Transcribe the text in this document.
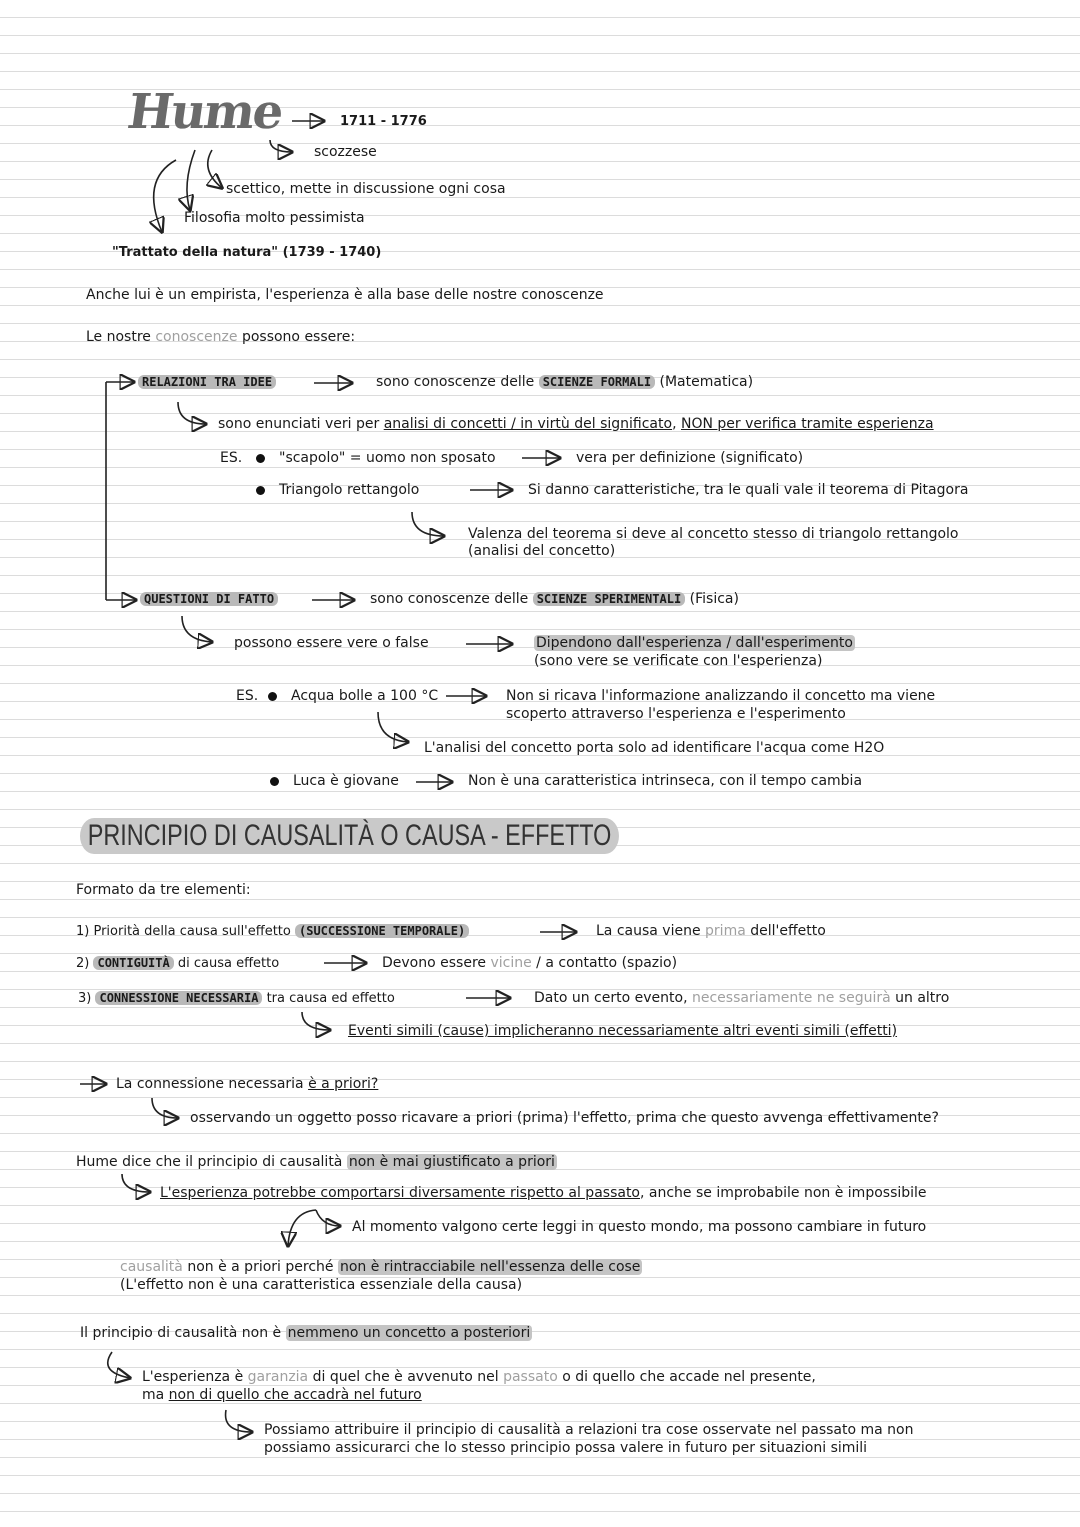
Hume	1711 - 1776
scozzese
scettico, mette in discussione ogni cosa
Filosofia molto pessimista
"Trattato della natura" (1739 - 1740)
Anche lui è un empirista, l'esperienza è alla base delle nostre conoscenze
Le nostre conoscenze possono essere:
RELAZIONI TRA IDEE	sono conoscenze delle SCIENZE FORMALI (Matematica)
sono enunciati veri per analisi di concetti / in virtù del significato, NON per verifica tramite esperienza
ES.	"scapolo" = uomo non sposato	vera per definizione (significato)
Triangolo rettangolo	Si danno caratteristiche, tra le quali vale il teorema di Pitagora
Valenza del teorema si deve al concetto stesso di triangolo rettangolo
(analisi del concetto)
QUESTIONI DI FATTO	sono conoscenze delle SCIENZE SPERIMENTALI (Fisica)
possono essere vere o false	Dipendono dall'esperienza / dall'esperimento
(sono vere se verificate con l'esperienza)
ES.	Acqua bolle a 100 °C	Non si ricava l'informazione analizzando il concetto ma viene
scoperto attraverso l'esperienza e l'esperimento
L'analisi del concetto porta solo ad identificare l'acqua come H2O
Luca è giovane	Non è una caratteristica intrinseca, con il tempo cambia
PRINCIPIO DI CAUSALITÀ O CAUSA - EFFETTO
Formato da tre elementi:
1) Priorità della causa sull'effetto (SUCCESSIONE TEMPORALE)	La causa viene prima dell'effetto
2) CONTIGUITÀ di causa effetto	Devono essere vicine / a contatto (spazio)
3) CONNESSIONE NECESSARIA tra causa ed effetto	Dato un certo evento, necessariamente ne seguirà un altro
Eventi simili (cause) implicheranno necessariamente altri eventi simili (effetti)
La connessione necessaria è a priori?
osservando un oggetto posso ricavare a priori (prima) l'effetto, prima che questo avvenga effettivamente?
Hume dice che il principio di causalità non è mai giustificato a priori
L'esperienza potrebbe comportarsi diversamente rispetto al passato, anche se improbabile non è impossibile
Al momento valgono certe leggi in questo mondo, ma possono cambiare in futuro
causalità non è a priori perché non è rintracciabile nell'essenza delle cose
(L'effetto non è una caratteristica essenziale della causa)
Il principio di causalità non è nemmeno un concetto a posteriori
L'esperienza è garanzia di quel che è avvenuto nel passato o di quello che accade nel presente,
ma non di quello che accadrà nel futuro
Possiamo attribuire il principio di causalità a relazioni tra cose osservate nel passato ma non
possiamo assicurarci che lo stesso principio possa valere in futuro per situazioni simili
